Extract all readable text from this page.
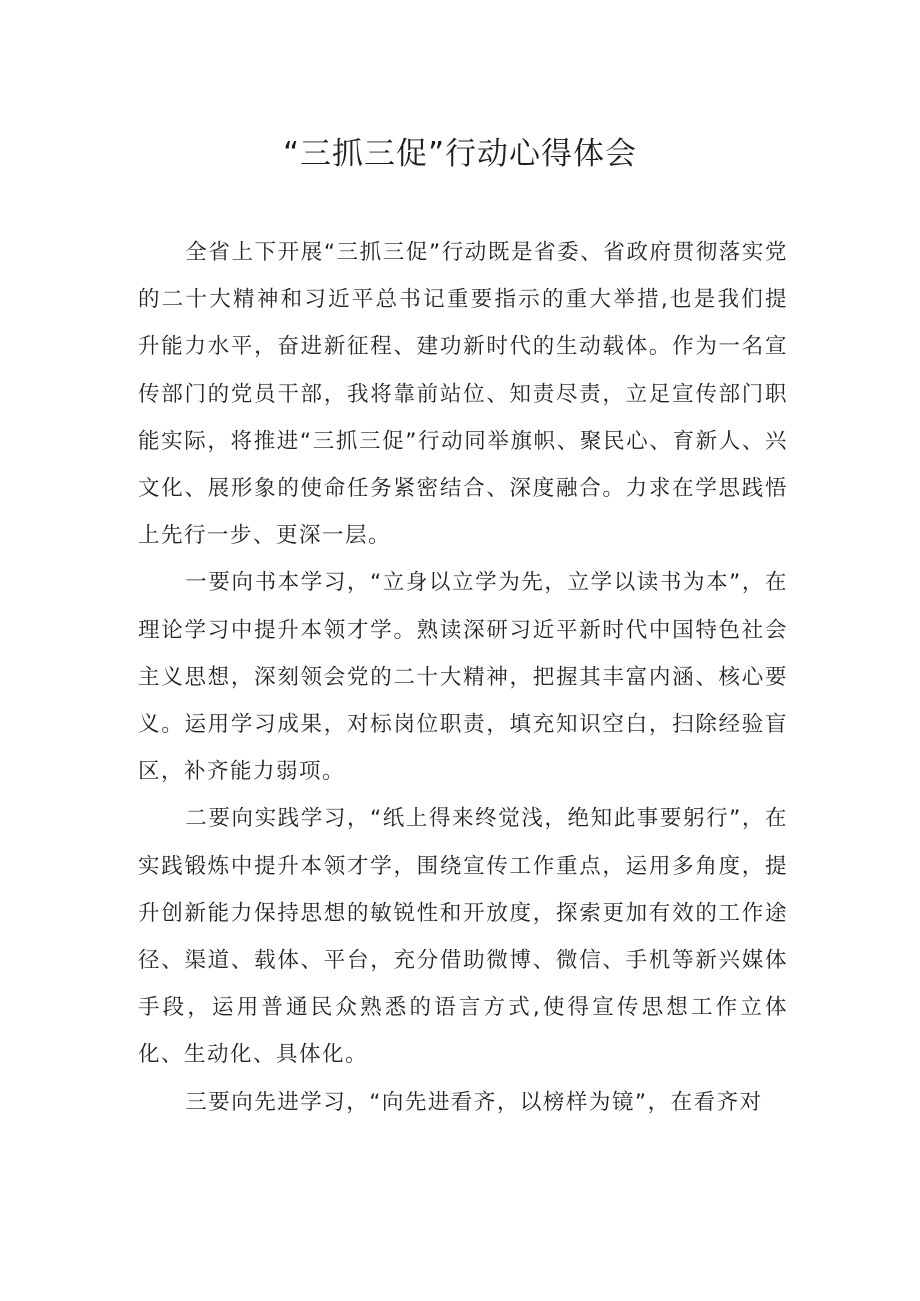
“三抓三促”行动心得体会

全省上下开展“三抓三促”行动既是省委、省政府贯彻落实党的二十大精神和习近平总书记重要指示的重大举措,也是我们提升能力水平，奋进新征程、建功新时代的生动载体。作为一名宣传部门的党员干部，我将靠前站位、知责尽责，立足宣传部门职能实际，将推进“三抓三促”行动同举旗帜、聚民心、育新人、兴文化、展形象的使命任务紧密结合、深度融合。力求在学思践悟上先行一步、更深一层。

一要向书本学习，“立身以立学为先，立学以读书为本”，在理论学习中提升本领才学。熟读深研习近平新时代中国特色社会主义思想，深刻领会党的二十大精神，把握其丰富内涵、核心要义。运用学习成果，对标岗位职责，填充知识空白，扫除经验盲区，补齐能力弱项。

二要向实践学习，“纸上得来终觉浅，绝知此事要躬行”，在实践锻炼中提升本领才学，围绕宣传工作重点，运用多角度，提升创新能力保持思想的敏锐性和开放度，探索更加有效的工作途径、渠道、载体、平台，充分借助微博、微信、手机等新兴媒体手段，运用普通民众熟悉的语言方式,使得宣传思想工作立体化、生动化、具体化。

三要向先进学习，“向先进看齐，以榜样为镜”，在看齐对
